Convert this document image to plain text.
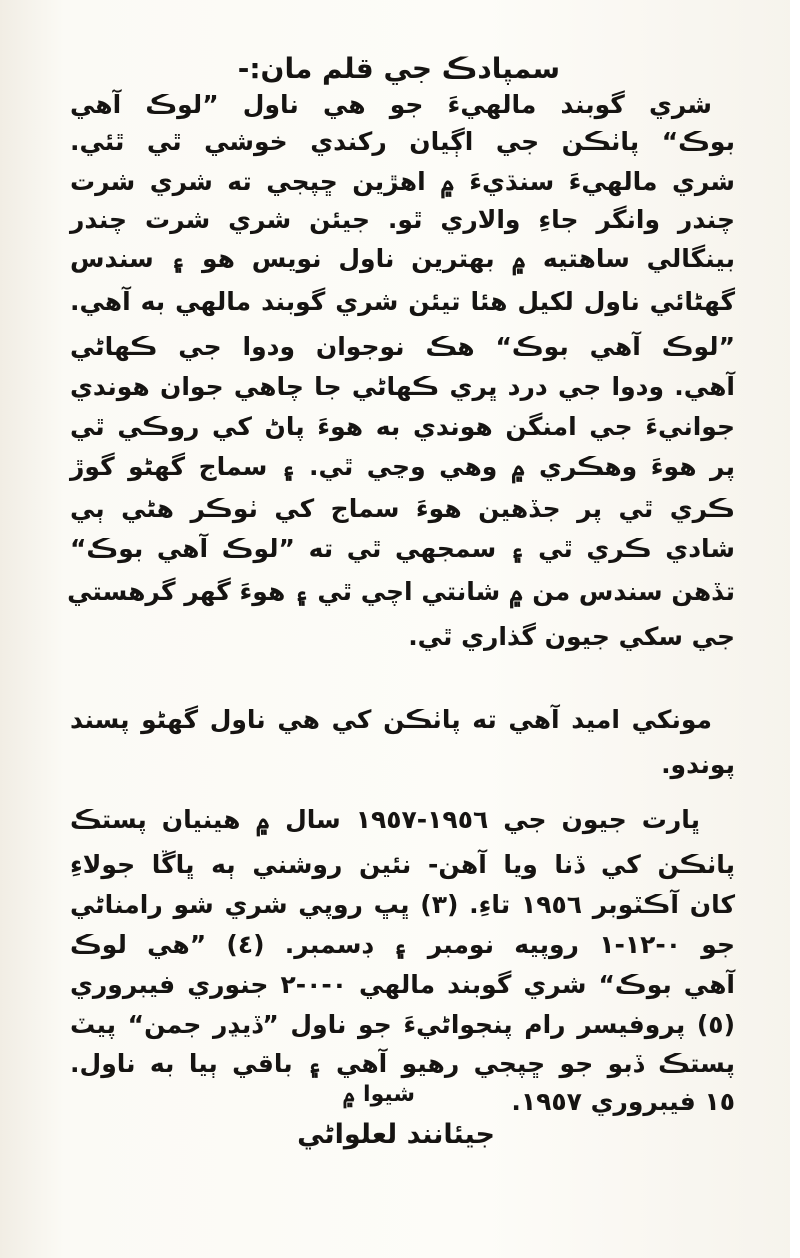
سمپادڪ جي قلم مان:-
شري گوبند مالهيءَ جو هي ناول ”لوڪ آهي
بوڪ“ پاٺڪن جي اڳيان رکندي خوشي ٿي ٿئي.
شري مالهيءَ سنڌيءَ ۾ اهڙين ڇپجي ته شري شرت
چندر وانگر جاءِ والاري ٿو. جيئن شري شرت چندر
بينگالي ساهتيه ۾ بهترين ناول نويس هو ۽ سندس
گهڻائي ناول لکيل هئا تيئن شري گوبند مالهي به آهي.
”لوڪ آهي بوڪ“ هڪ نوجوان ودوا جي ڪهاڻي
آهي. ودوا جي درد ڀري ڪهاڻي جا چاهي جوان هوندي
جوانيءَ جي امنگن هوندي به هوءَ پاڻ کي روڪي ٿي
پر هوءَ وهڪري ۾ وهي وڃي ٿي. ۽ سماج گهڻو گوڙ
ڪري ٿي پر جڏهين هوءَ سماج کي ٺوڪر هڻي ٻي
شادي ڪري ٿي ۽ سمجهي ٿي ته ”لوڪ آهي بوڪ“
تڏهن سندس من ۾ شانتي اچي ٿي ۽ هوءَ گهر گرهستي
جي سکي جيون گذاري ٿي.
مونکي اميد آهي ته پاٺڪن کي هي ناول گهڻو پسند
پوندو.
ڀارت جيون جي ١٩٥٦-١٩٥٧ سال ۾ هينيان پستڪ
پاٺڪن کي ڏنا ويا آهن- نئين روشني ٻه ڀاڱا جولاءِ
کان آڪٽوبر ١٩٥٦ تاءِ. (٣) ڀڀ روپي شري شو رامناڻي
جو ٠-١٢-١ روپيه نومبر ۽ ڊسمبر. (٤) ”هي لوڪ
آهي بوڪ“ شري گوبند مالهي ٠-٠-٢ جنوري فيبروري
(٥) پروفيسر رام پنجواڻيءَ جو ناول ”ڏيڍر جمن“ پيٽ
پستڪ ڏبو جو ڇپجي رهيو آهي ۽ باقي ٻيا به ناول.
١٥ فيبروري ١٩٥٧.
شيوا ۾
جيئانند لعلواڻي
